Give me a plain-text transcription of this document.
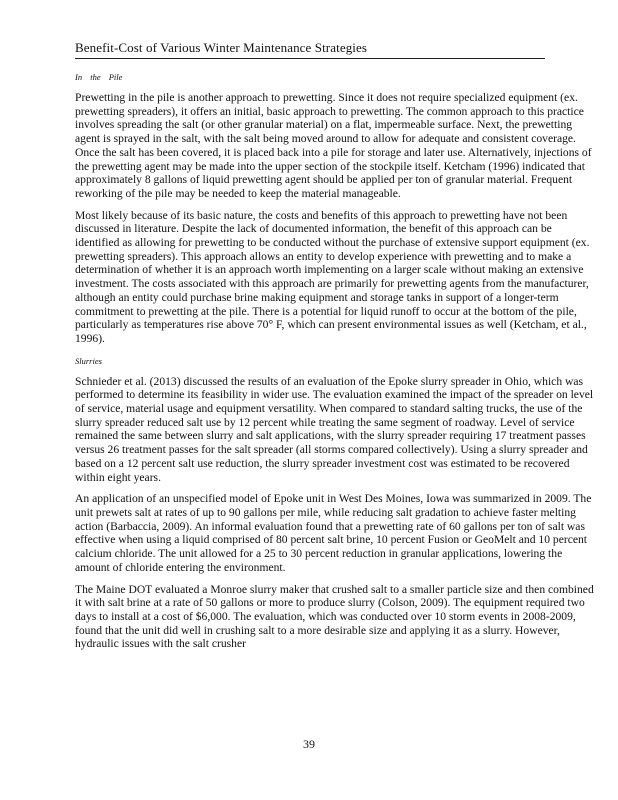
Benefit-Cost of Various Winter Maintenance Strategies
In the Pile

Prewetting in the pile is another approach to prewetting. Since it does not require specialized equipment (ex. prewetting spreaders), it offers an initial, basic approach to prewetting. The common approach to this practice involves spreading the salt (or other granular material) on a flat, impermeable surface. Next, the prewetting agent is sprayed in the salt, with the salt being moved around to allow for adequate and consistent coverage. Once the salt has been covered, it is placed back into a pile for storage and later use. Alternatively, injections of the prewetting agent may be made into the upper section of the stockpile itself. Ketcham (1996) indicated that approximately 8 gallons of liquid prewetting agent should be applied per ton of granular material. Frequent reworking of the pile may be needed to keep the material manageable.

Most likely because of its basic nature, the costs and benefits of this approach to prewetting have not been discussed in literature. Despite the lack of documented information, the benefit of this approach can be identified as allowing for prewetting to be conducted without the purchase of extensive support equipment (ex. prewetting spreaders). This approach allows an entity to develop experience with prewetting and to make a determination of whether it is an approach worth implementing on a larger scale without making an extensive investment. The costs associated with this approach are primarily for prewetting agents from the manufacturer, although an entity could purchase brine making equipment and storage tanks in support of a longer-term commitment to prewetting at the pile. There is a potential for liquid runoff to occur at the bottom of the pile, particularly as temperatures rise above 70° F, which can present environmental issues as well (Ketcham, et al., 1996).

Slurries

Schnieder et al. (2013) discussed the results of an evaluation of the Epoke slurry spreader in Ohio, which was performed to determine its feasibility in wider use. The evaluation examined the impact of the spreader on level of service, material usage and equipment versatility. When compared to standard salting trucks, the use of the slurry spreader reduced salt use by 12 percent while treating the same segment of roadway. Level of service remained the same between slurry and salt applications, with the slurry spreader requiring 17 treatment passes versus 26 treatment passes for the salt spreader (all storms compared collectively). Using a slurry spreader and based on a 12 percent salt use reduction, the slurry spreader investment cost was estimated to be recovered within eight years.

An application of an unspecified model of Epoke unit in West Des Moines, Iowa was summarized in 2009. The unit prewets salt at rates of up to 90 gallons per mile, while reducing salt gradation to achieve faster melting action (Barbaccia, 2009). An informal evaluation found that a prewetting rate of 60 gallons per ton of salt was effective when using a liquid comprised of 80 percent salt brine, 10 percent Fusion or GeoMelt and 10 percent calcium chloride. The unit allowed for a 25 to 30 percent reduction in granular applications, lowering the amount of chloride entering the environment.

The Maine DOT evaluated a Monroe slurry maker that crushed salt to a smaller particle size and then combined it with salt brine at a rate of 50 gallons or more to produce slurry (Colson, 2009). The equipment required two days to install at a cost of $6,000. The evaluation, which was conducted over 10 storm events in 2008-2009, found that the unit did well in crushing salt to a more desirable size and applying it as a slurry. However, hydraulic issues with the salt crusher

39
